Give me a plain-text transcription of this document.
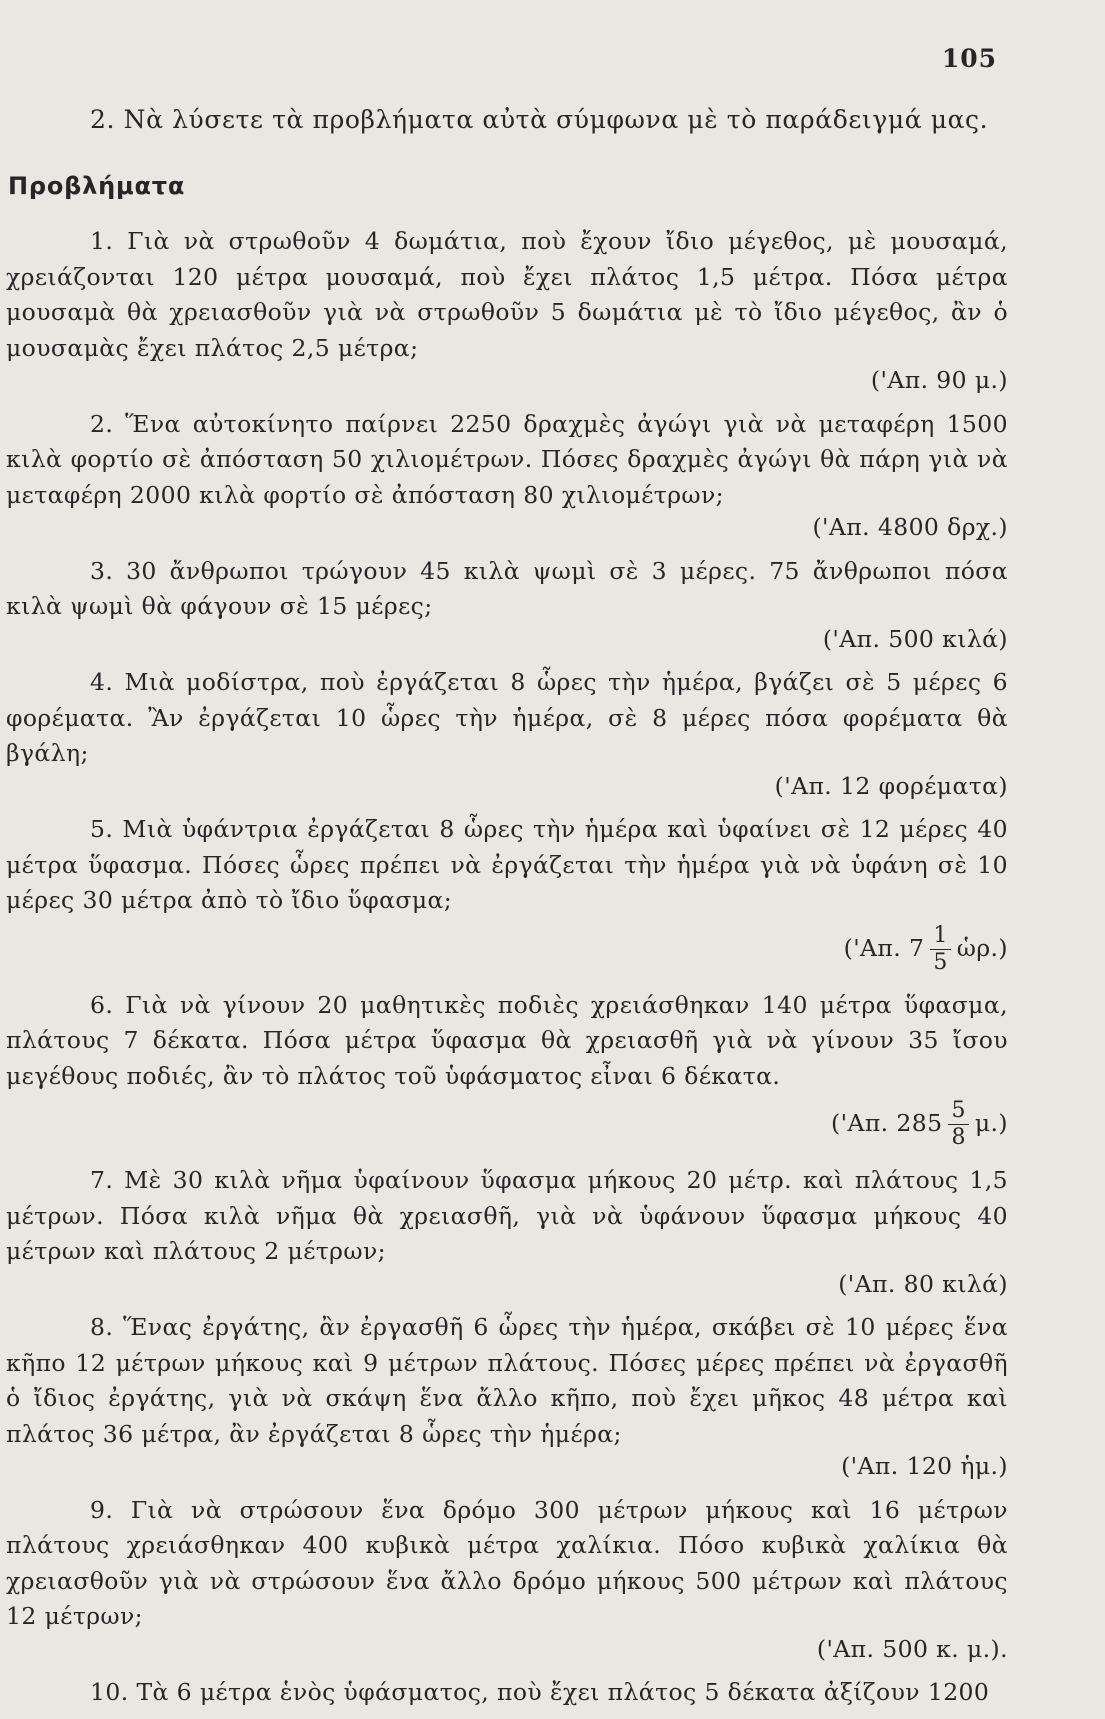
105
2. Νὰ λύσετε τὰ προβλήματα αὐτὰ σύμφωνα μὲ τὸ παράδειγμά μας.
Προβλήματα
1. Γιὰ νὰ στρωθοῦν 4 δωμάτια, ποὺ ἔχουν ἴδιο μέγεθος, μὲ μουσαμά, χρειάζονται 120 μέτρα μουσαμά, ποὺ ἔχει πλάτος 1,5 μέτρα. Πόσα μέτρα μουσαμὰ θὰ χρειασθοῦν γιὰ νὰ στρωθοῦν 5 δωμάτια μὲ τὸ ἴδιο μέγεθος, ἂν ὁ μουσαμὰς ἔχει πλάτος 2,5 μέτρα;
('Απ. 90 μ.)
2. Ἕνα αὐτοκίνητο παίρνει 2250 δραχμὲς ἀγώγι γιὰ νὰ μεταφέρη 1500 κιλὰ φορτίο σὲ ἀπόσταση 50 χιλιομέτρων. Πόσες δραχμὲς ἀγώγι θὰ πάρη γιὰ νὰ μεταφέρη 2000 κιλὰ φορτίο σὲ ἀπόσταση 80 χιλιομέτρων;
('Απ. 4800 δρχ.)
3. 30 ἄνθρωποι τρώγουν 45 κιλὰ ψωμὶ σὲ 3 μέρες. 75 ἄνθρωποι πόσα κιλὰ ψωμὶ θὰ φάγουν σὲ 15 μέρες;
('Απ. 500 κιλά)
4. Μιὰ μοδίστρα, ποὺ ἐργάζεται 8 ὧρες τὴν ἡμέρα, βγάζει σὲ 5 μέρες 6 φορέματα. Ἂν ἐργάζεται 10 ὧρες τὴν ἡμέρα, σὲ 8 μέρες πόσα φορέματα θὰ βγάλη;
('Απ. 12 φορέματα)
5. Μιὰ ὑφάντρια ἐργάζεται 8 ὧρες τὴν ἡμέρα καὶ ὑφαίνει σὲ 12 μέρες 40 μέτρα ὕφασμα. Πόσες ὧρες πρέπει νὰ ἐργάζεται τὴν ἡμέρα γιὰ νὰ ὑφάνη σὲ 10 μέρες 30 μέτρα ἀπὸ τὸ ἴδιο ὕφασμα;
('Απ. $7 \frac{1}{5}$ ὡρ.)
6. Γιὰ νὰ γίνουν 20 μαθητικὲς ποδιὲς χρειάσθηκαν 140 μέτρα ὕφασμα, πλάτους 7 δέκατα. Πόσα μέτρα ὕφασμα θὰ χρειασθῆ γιὰ νὰ γίνουν 35 ἴσου μεγέθους ποδιές, ἂν τὸ πλάτος τοῦ ὑφάσματος εἶναι 6 δέκατα.
('Απ. $285 \frac{5}{8} \mu$.)
7. Μὲ 30 κιλὰ νῆμα ὑφαίνουν ὕφασμα μήκους 20 μέτρ. καὶ πλάτους 1,5 μέτρων. Πόσα κιλὰ νῆμα θὰ χρειασθῆ, γιὰ νὰ ὑφάνουν ὕφασμα μήκους 40 μέτρων καὶ πλάτους 2 μέτρων;
('Απ. 80 κιλά)
8. Ἕνας ἐργάτης, ἂν ἐργασθῆ 6 ὧρες τὴν ἡμέρα, σκάβει σὲ 10 μέρες ἕνα κῆπο 12 μέτρων μήκους καὶ 9 μέτρων πλάτους. Πόσες μέρες πρέπει νὰ ἐργασθῆ ὁ ἴδιος ἐργάτης, γιὰ νὰ σκάψη ἕνα ἄλλο κῆπο, ποὺ ἔχει μῆκος 48 μέτρα καὶ πλάτος 36 μέτρα, ἂν ἐργάζεται 8 ὧρες τὴν ἡμέρα;
('Απ. 120 ἡμ.)
9. Γιὰ νὰ στρώσουν ἕνα δρόμο 300 μέτρων μήκους καὶ 16 μέτρων πλάτους χρειάσθηκαν 400 κυβικὰ μέτρα χαλίκια. Πόσο κυβικὰ χαλίκια θὰ χρειασθοῦν γιὰ νὰ στρώσουν ἕνα ἄλλο δρόμο μήκους 500 μέτρων καὶ πλάτους 12 μέτρων;
('Απ. 500 κ. μ.).
10. Τὰ 6 μέτρα ἑνὸς ὑφάσματος, ποὺ ἔχει πλάτος 5 δέκατα ἀξίζουν 1200
